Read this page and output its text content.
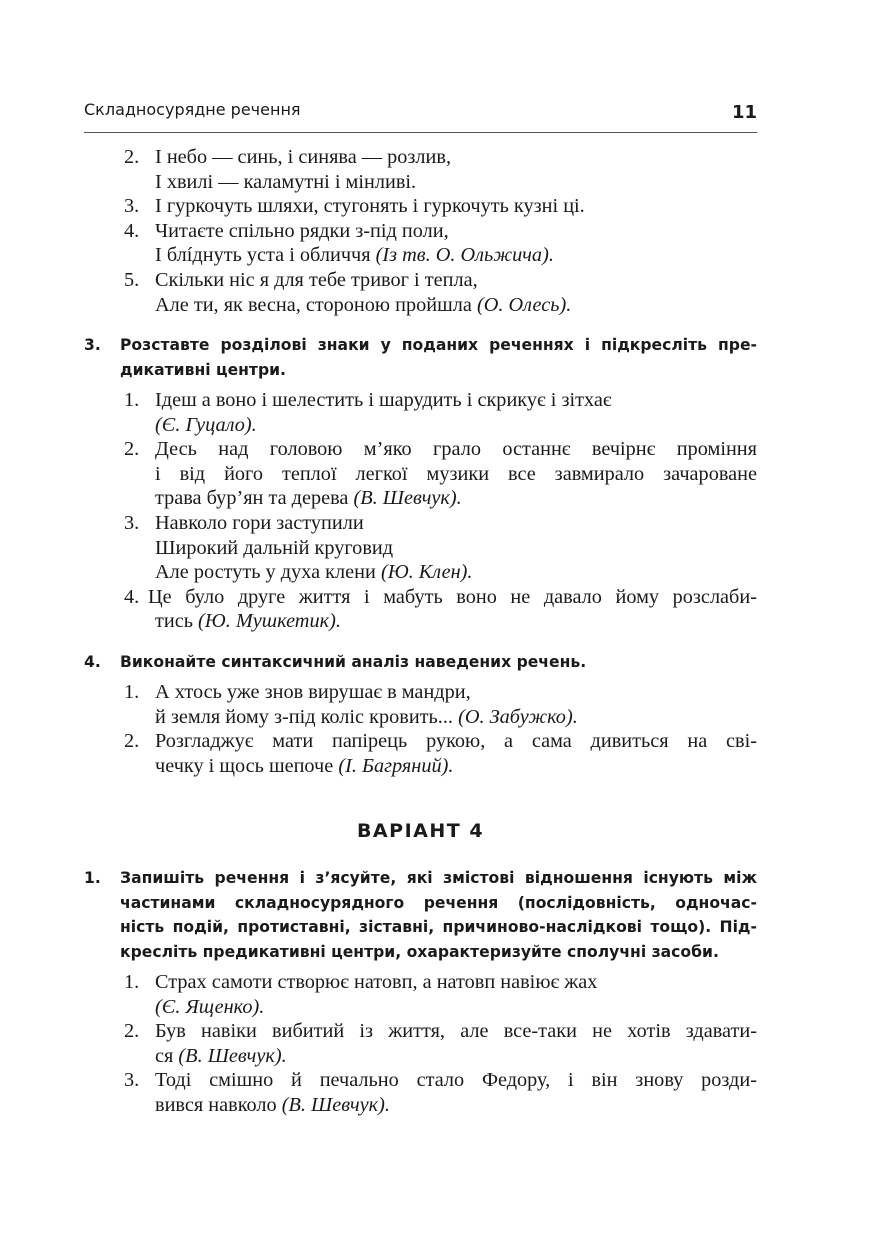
Складносурядне речення	11
2. І небо — синь, і синява — розлив,
І хвилі — каламутні і мінливі.
3. І гуркочуть шляхи, стугонять і гуркочуть кузні ці.
4. Читаєте спільно рядки з-під поли,
І блíднуть уста і обличчя (Із тв. О. Ольжича).
5. Скільки ніс я для тебе тривог і тепла,
Але ти, як весна, стороною пройшла (О. Олесь).
3. Розставте розділові знаки у поданих реченнях і підкресліть пре-
дикативні центри.
1. Ідеш а воно і шелестить і шарудить і скрикує і зітхає
(Є. Гуцало).
2. Десь над головою м’яко грало останнє вечірнє проміння
і від його теплої легкої музики все завмирало зачароване
трава бур’ян та дерева (В. Шевчук).
3. Навколо гори заступили
Широкий дальній круговид
Але ростуть у духа клени (Ю. Клен).
4. Це було друге життя і мабуть воно не давало йому розслаби-
тись (Ю. Мушкетик).
4. Виконайте синтаксичний аналіз наведених речень.
1. А хтось уже знов вирушає в мандри,
й земля йому з-під коліс кровить... (О. Забужко).
2. Розгладжує мати папірець рукою, а сама дивиться на сві-
чечку і щось шепоче (І. Багряний).
ВАРІАНТ 4
1. Запишіть речення і з’ясуйте, які змістові відношення існують між
частинами складносурядного речення (послідовність, одночас-
ність подій, протиставні, зіставні, причиново-наслідкові тощо). Під-
кресліть предикативні центри, охарактеризуйте сполучні засоби.
1. Страх самоти створює натовп, а натовп навіює жах
(Є. Ященко).
2. Був навіки вибитий із життя, але все-таки не хотів здавати-
ся (В. Шевчук).
3. Тоді смішно й печально стало Федору, і він знову розди-
вився навколо (В. Шевчук).
